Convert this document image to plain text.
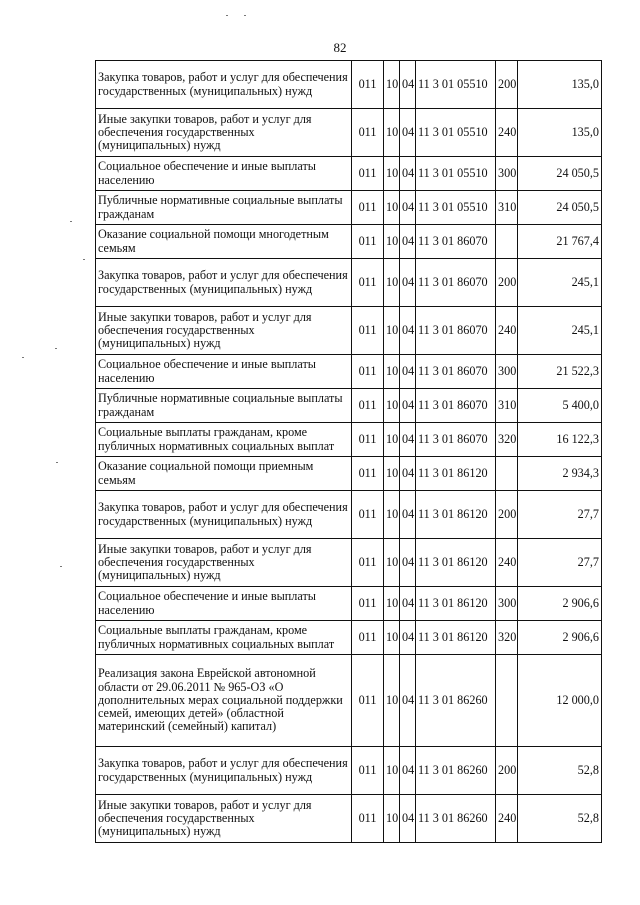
82
Закупка товаров, работ и услуг для обеспечения государственных (муниципальных) нужд	011	10	04	11 3 01 05510	200	135,0
Иные закупки товаров, работ и услуг для обеспечения государственных (муниципальных) нужд	011	10	04	11 3 01 05510	240	135,0
Социальное обеспечение и иные выплаты населению	011	10	04	11 3 01 05510	300	24 050,5
Публичные нормативные социальные выплаты гражданам	011	10	04	11 3 01 05510	310	24 050,5
Оказание социальной помощи многодетным семьям	011	10	04	11 3 01 86070		21 767,4
Закупка товаров, работ и услуг для обеспечения государственных (муниципальных) нужд	011	10	04	11 3 01 86070	200	245,1
Иные закупки товаров, работ и услуг для обеспечения государственных (муниципальных) нужд	011	10	04	11 3 01 86070	240	245,1
Социальное обеспечение и иные выплаты населению	011	10	04	11 3 01 86070	300	21 522,3
Публичные нормативные социальные выплаты гражданам	011	10	04	11 3 01 86070	310	5 400,0
Социальные выплаты гражданам, кроме публичных нормативных социальных выплат	011	10	04	11 3 01 86070	320	16 122,3
Оказание социальной помощи приемным семьям	011	10	04	11 3 01 86120		2 934,3
Закупка товаров, работ и услуг для обеспечения государственных (муниципальных) нужд	011	10	04	11 3 01 86120	200	27,7
Иные закупки товаров, работ и услуг для обеспечения государственных (муниципальных) нужд	011	10	04	11 3 01 86120	240	27,7
Социальное обеспечение и иные выплаты населению	011	10	04	11 3 01 86120	300	2 906,6
Социальные выплаты гражданам, кроме публичных нормативных социальных выплат	011	10	04	11 3 01 86120	320	2 906,6
Реализация закона Еврейской автономной области от 29.06.2011 № 965-ОЗ «О дополнительных мерах социальной поддержки семей, имеющих детей» (областной материнский (семейный) капитал)	011	10	04	11 3 01 86260		12 000,0
Закупка товаров, работ и услуг для обеспечения государственных (муниципальных) нужд	011	10	04	11 3 01 86260	200	52,8
Иные закупки товаров, работ и услуг для обеспечения государственных (муниципальных) нужд	011	10	04	11 3 01 86260	240	52,8
